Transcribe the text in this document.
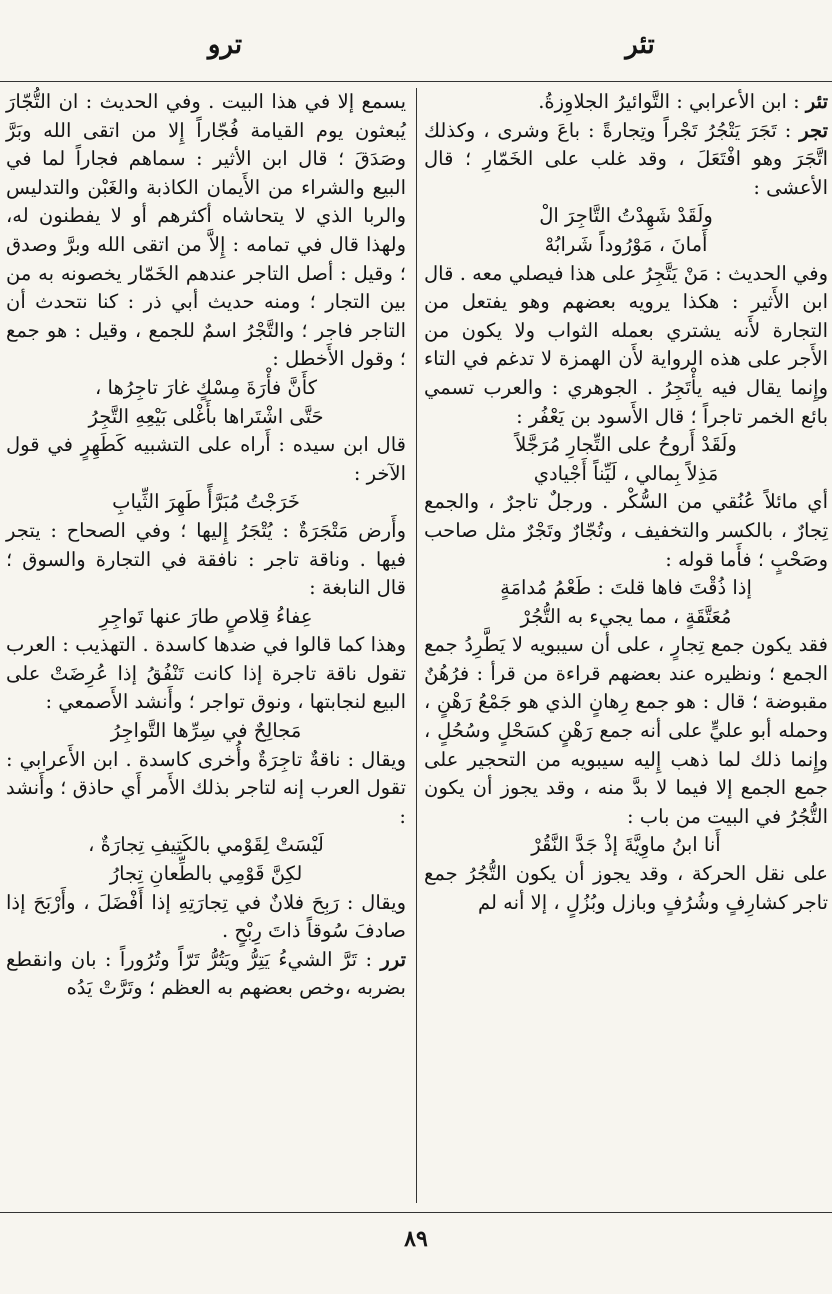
تئر
ترو

تئر : ابن الأعرابي : التَّوائيرُ الجلاوِزةُ.

تجر : تَجَرَ يَتْجُرُ تَجْراً وتِجارةً : باعَ وشرى ، وكذلك اتَّجَرَ وهو افْتَعَلَ ، وقد غلب على الخَمّارِ ؛ قال الأعشى :

ولَقَدْ شَهِدْتُ التَّاجِرَ الْ

أَمانَ ، مَوْرُوداً شَرابُهْ

وفي الحديث : مَنْ يَتَّجِرُ على هذا فيصلي معه . قال ابن الأَثير : هكذا يرويه بعضهم وهو يفتعل من التجارة لأَنه يشتري بعمله الثواب ولا يكون من الأَجر على هذه الرواية لأَن الهمزة لا تدغم في التاء وإِنما يقال فيه يأْتَجِرُ . الجوهري : والعرب تسمي بائع الخمر تاجراً ؛ قال الأَسود بن يَعْفُر :

ولَقَدْ أَروحُ على التِّجارِ مُرَجَّلاً

مَذِلاً بِمالي ، لَيِّناً أَجْيادي

أي مائلاً عُنُقي من السُّكْر . ورجلٌ تاجرٌ ، والجمع تِجارٌ ، بالكسر والتخفيف ، وتُجّارٌ وتَجْرٌ مثل صاحب وصَحْبٍ ؛ فأَما قوله :

إذا ذُقْتَ فاها قلتَ : طَعْمُ مُدامَةٍ

مُعَتَّقَةٍ ، مما يجيء به التُّجُرْ

فقد يكون جمع تِجارٍ ، على أن سيبويه لا يَطَّرِدُ جمع الجمع ؛ ونظيره عند بعضهم قراءة من قرأ : فرُهُنٌ مقبوضة ؛ قال : هو جمع رِهانٍ الذي هو جَمْعُ رَهْنٍ ، وحمله أبو عليٍّ على أنه جمع رَهْنٍ كسَحْلٍ وسُحُلٍ ، وإِنما ذلك لما ذهب إِليه سيبويه من التحجير على جمع الجمع إلا فيما لا بدَّ منه ، وقد يجوز أن يكون التُّجُرُ في البيت من باب :

أَنا ابنُ ماوِيَّةَ إذْ جَدَّ النَّقُرْ

على نقل الحركة ، وقد يجوز أن يكون التُّجُرُ جمع تاجر كشارِفٍ وشُرُفٍ وبازل وبُزُلٍ ، إلا أنه لم

يسمع إلا في هذا البيت . وفي الحديث : ان التُّجّارَ يُبعثون يوم القيامة فُجّاراً إِلا من اتقى الله وبَرَّ وصَدَقَ ؛ قال ابن الأثير : سماهم فجاراً لما في البيع والشراء من الأَيمان الكاذبة والغَبْن والتدليس والربا الذي لا يتحاشاه أكثرهم أو لا يفطنون له، ولهذا قال في تمامه : إِلاَّ من اتقى الله وبرَّ وصدق ؛ وقيل : أصل التاجر عندهم الخَمّار يخصونه به من بين التجار ؛ ومنه حديث أبي ذر : كنا نتحدث أن التاجر فاجر ؛ والتَّجْرُ اسمٌ للجمع ، وقيل : هو جمع ؛ وقول الأَخطل :

كأَنَّ فأْرَةَ مِسْكٍ غارَ تاجِرُها ،

حَتَّى اشْتَراها بأَغْلى بَيْعِهِ التَّجِرُ

قال ابن سيده : أَراه على التشبيه كَطَهِرٍ في قول الآخر :

خَرَجْتُ مُبَرَّأً طَهِرَ الثِّيابِ

وأَرض مَتْجَرَةٌ : يُتْجَرُ إِليها ؛ وفي الصحاح : يتجر فيها . وناقة تاجر : نافقة في التجارة والسوق ؛ قال النابغة :

عِفاءُ قِلاصٍ طارَ عنها تَواجِرِ

وهذا كما قالوا في ضدها كاسدة . التهذيب : العرب تقول ناقة تاجرة إذا كانت تَنْفُقُ إذا عُرِضَتْ على البيع لنجابتها ، ونوق تواجر ؛ وأَنشد الأَصمعي :

مَجالِحٌ في سِرِّها التَّواجِرُ

ويقال : ناقةٌ تاجِرَةٌ وأُخرى كاسدة . ابن الأَعرابي : تقول العرب إنه لتاجر بذلك الأَمر أَي حاذق ؛ وأَنشد :

لَيْسَتْ لِقَوْمي بالكَتِيفِ تِجارَةٌ ،

لكِنَّ قَوْمِي بالطِّعانِ تِجارُ

ويقال : رَبِحَ فلانٌ في تِجارَتِهِ إذا أَفْضَلَ ، وأَرْبَحَ إذا صادفَ سُوقاً ذاتَ رِبْحٍ .

ترر : تَرَّ الشيءُ يَتِرُّ ويَتُرُّ تَرّاً وتُرُوراً : بان وانقطع بضربه ،وخص بعضهم به العظم ؛ وتَرَّتْ يَدُه

٨٩
